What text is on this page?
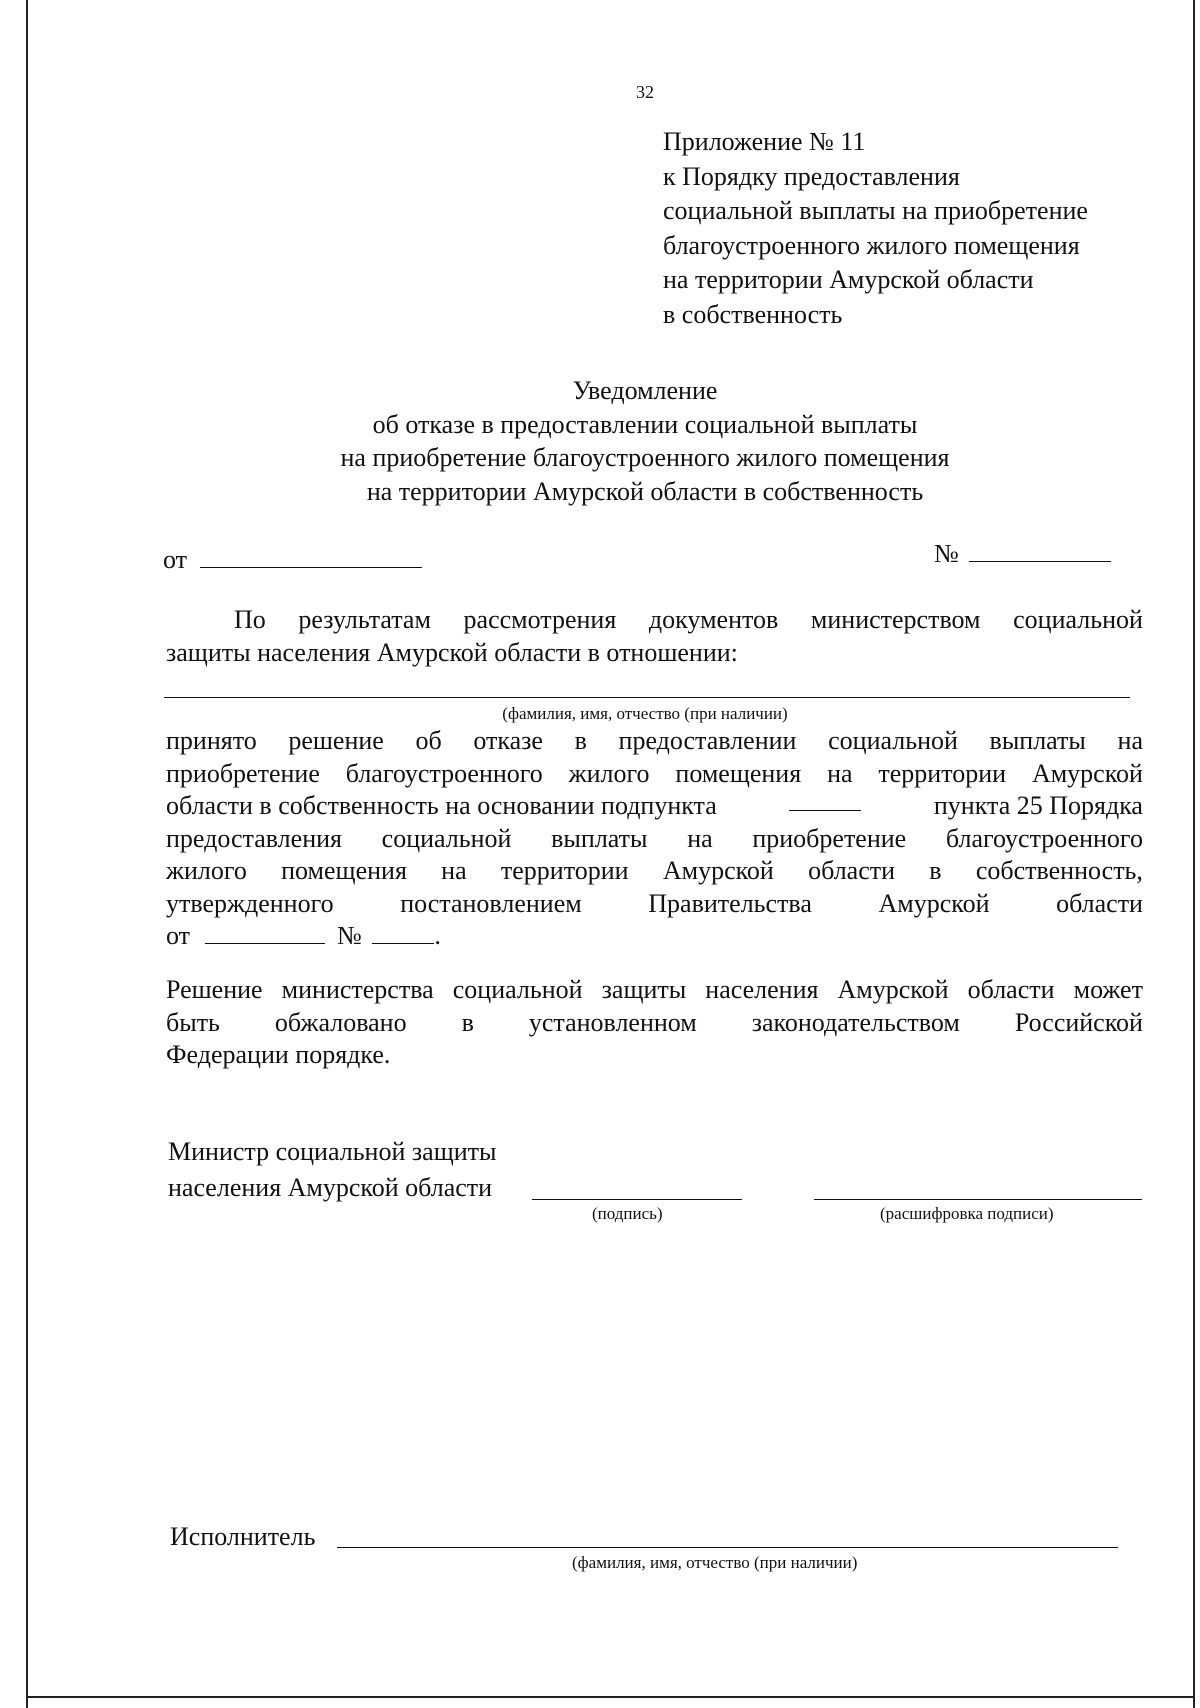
32
Приложение № 11
к Порядку предоставления
социальной выплаты на приобретение
благоустроенного жилого помещения
на территории Амурской области
в собственность
Уведомление
об отказе в предоставлении социальной выплаты
на приобретение благоустроенного жилого помещения
на территории Амурской области в собственность
от	№
По результатам рассмотрения документов министерством социальной
защиты населения Амурской области в отношении:
(фамилия, имя, отчество (при наличии)
принято решение об отказе в предоставлении социальной выплаты на
приобретение благоустроенного жилого помещения на территории Амурской
области в собственность на основании подпункта	пункта 25 Порядка
предоставления социальной выплаты на приобретение благоустроенного
жилого помещения на территории Амурской области в собственность,
утвержденного	постановлением	Правительства	Амурской	области
от	№	.
Решение министерства социальной защиты населения Амурской области может
быть обжаловано в установленном законодательством Российской
Федерации порядке.
Министр социальной защиты
населения Амурской области
(подпись)	(расшифровка подписи)
Исполнитель
(фамилия, имя, отчество (при наличии)
